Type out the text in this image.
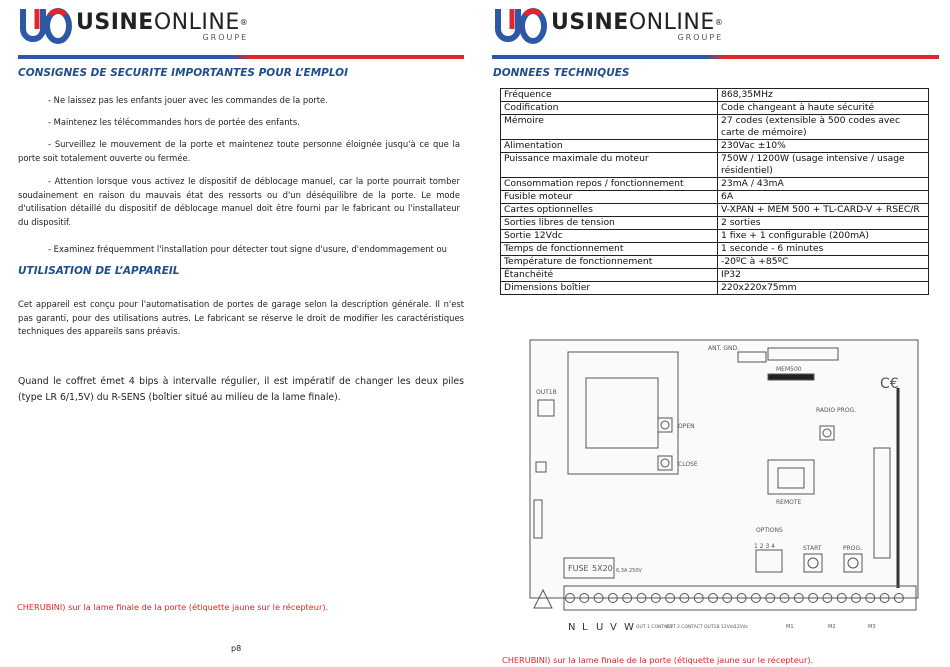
USINEONLINE®
GROUPE
CONSIGNES DE SECURITE IMPORTANTES POUR L’EMPLOI
- Ne laissez pas les enfants jouer avec les commandes de la porte.
- Maintenez les télécommandes hors de portée des enfants.
- Surveillez le mouvement de la porte et maintenez toute personne éloignée jusqu'à ce que la porte soit totalement ouverte ou fermée.
- Attention lorsque vous activez le dispositif de déblocage manuel, car la porte pourrait tomber soudainement en raison du mauvais état des ressorts ou d'un déséquilibre de la porte. Le mode d'utilisation détaillé du dispositif de déblocage manuel doit être fourni par le fabricant ou l'installateur du dispositif.
- Examinez fréquemment l'installation pour détecter tout signe d'usure, d'endommagement ou
UTILISATION DE L’APPAREIL
Cet appareil est conçu pour l'automatisation de portes de garage selon la description générale. Il n'est pas garanti, pour des utilisations autres. Le fabricant se réserve le droit de modifier les caractéristiques techniques des appareils sans préavis.
Quand le coffret émet 4 bips à intervalle régulier, il est impératif de changer les deux piles (type LR 6/1,5V) du R-SENS (boîtier situé au milieu de la lame finale).
CHERUBINI) sur la lame finale de la porte (étiquette jaune sur le récepteur).
p8
USINEONLINE®
GROUPE
DONNEES TECHNIQUES
Fréquence	868,35MHz
Codification	Code changeant à haute sécurité
Mémoire	27 codes (extensible à 500 codes avec carte de mémoire)
Alimentation	230Vac ±10%
Puissance maximale du moteur	750W / 1200W (usage intensive / usage résidentiel)
Consommation repos / fonctionnement	23mA / 43mA
Fusible moteur	6A
Cartes optionnelles	V-XPAN + MEM 500 + TL-CARD-V + RSEC/R
Sorties libres de tension	2 sorties
Sortie 12Vdc	1 fixe + 1 configurable (200mA)
Temps de fonctionnement	1 seconde - 6 minutes
Température de fonctionnement	-20ºC à +85ºC
Étanchéité	IP32
Dimensions boîtier	220x220x75mm
ANT. GND.
MEM500
C€
OUT1B
RADIO PROG.
OPEN
CLOSE
REMOTE
OPTIONS
START	PROG.
1 2 3 4
FUSE 5X20 6,3A 250V
OUT 1 CONTACT
OUT 2 CONTACT OUT1B 12Vdc
12Vdc
N L U V W	M1	M2	M3
CHERUBINI) sur la lame finale de la porte (étiquette jaune sur le récepteur).
